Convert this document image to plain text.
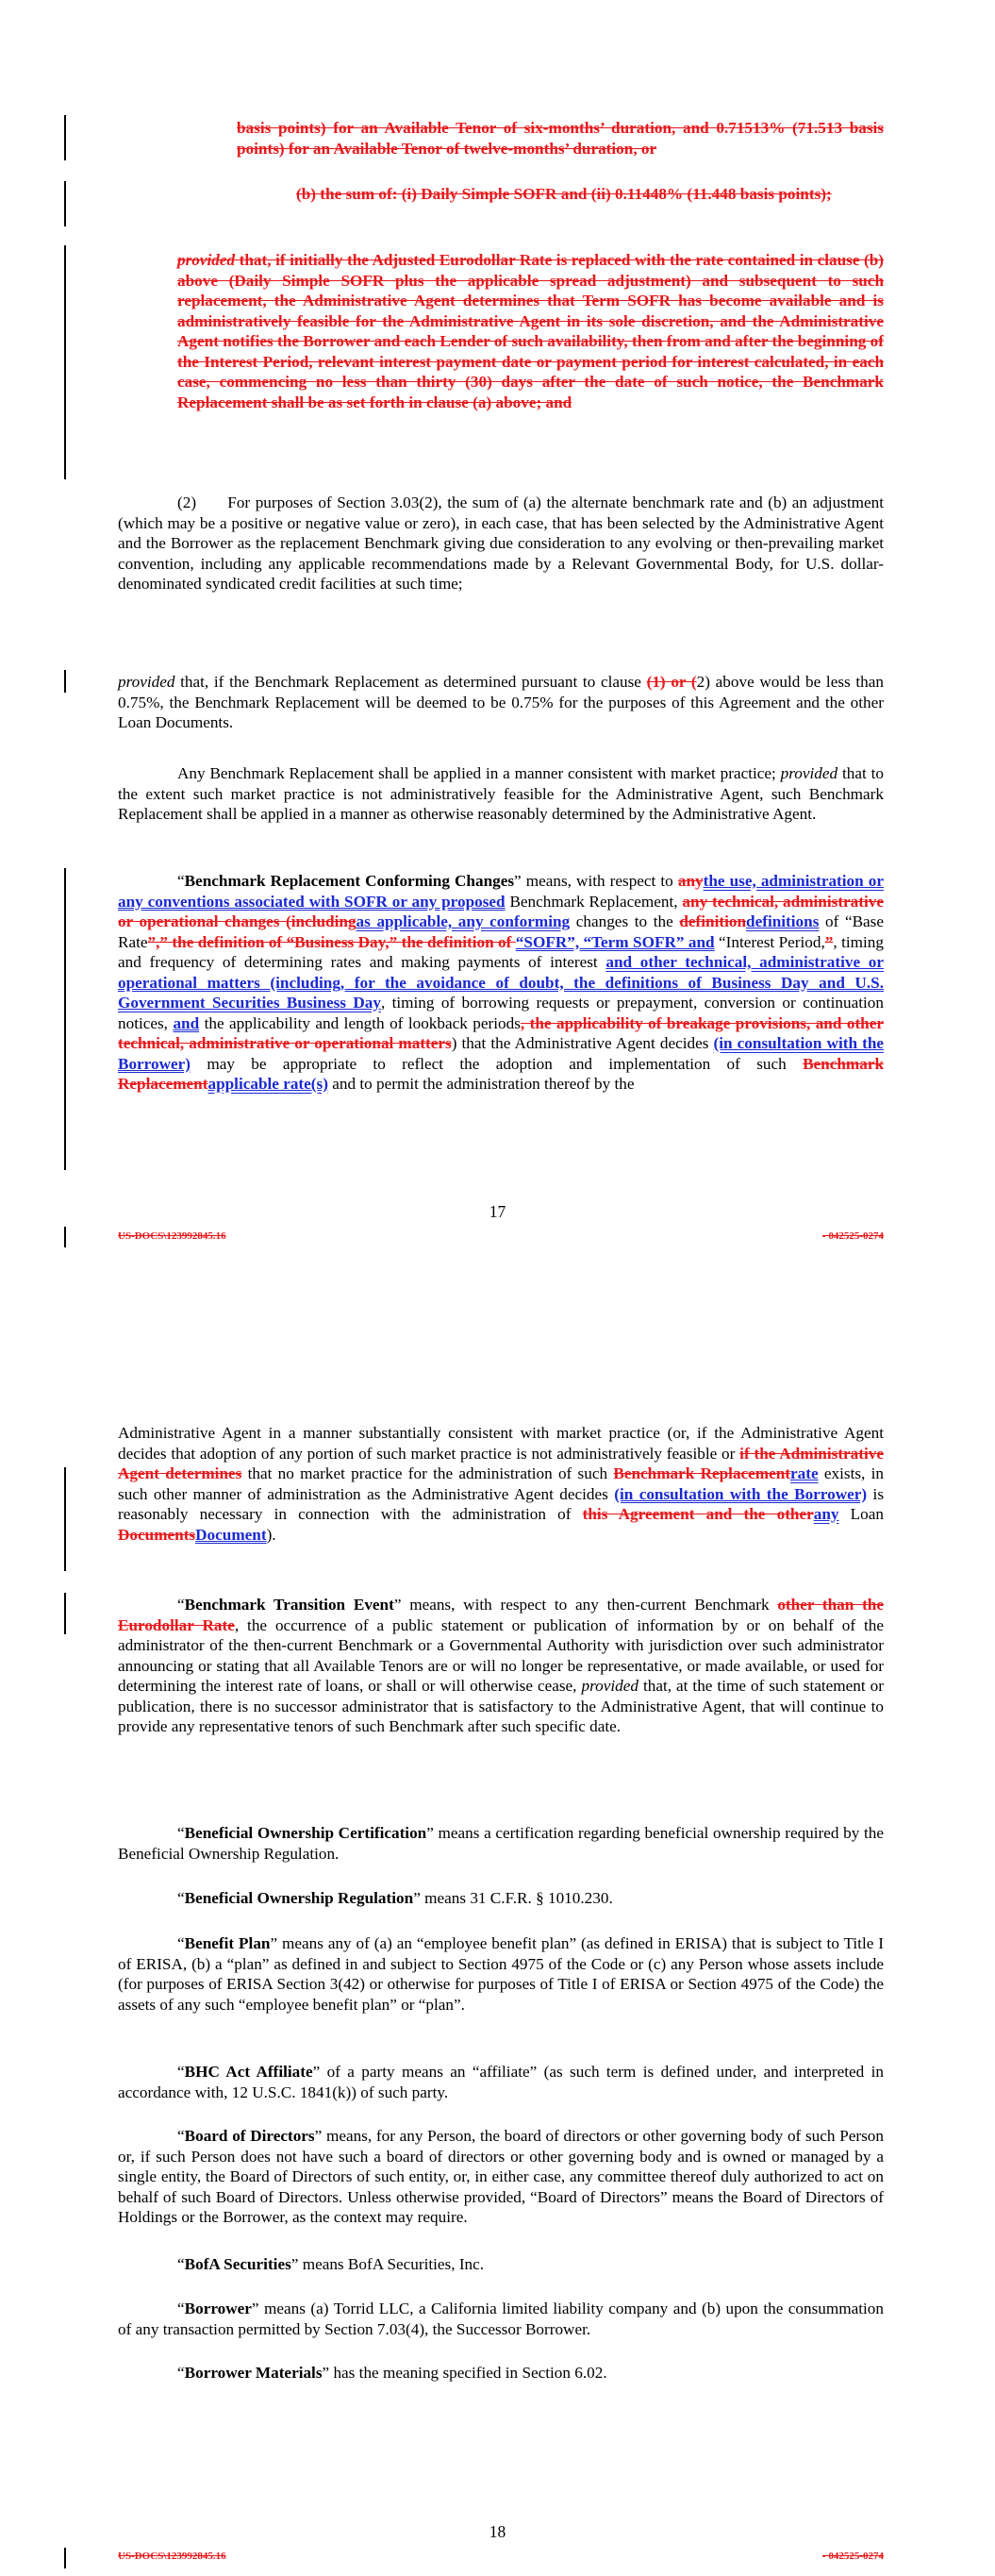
basis points) for an Available Tenor of six-months’ duration, and 0.71513% (71.513 basis points) for an Available Tenor of twelve-months’ duration, or

(b) the sum of: (i) Daily Simple SOFR and (ii) 0.11448% (11.448 basis points);

provided that, if initially the Adjusted Eurodollar Rate is replaced with the rate contained in clause (b) above (Daily Simple SOFR plus the applicable spread adjustment) and subsequent to such replacement, the Administrative Agent determines that Term SOFR has become available and is administratively feasible for the Administrative Agent in its sole discretion, and the Administrative Agent notifies the Borrower and each Lender of such availability, then from and after the beginning of the Interest Period, relevant interest payment date or payment period for interest calculated, in each case, commencing no less than thirty (30) days after the date of such notice, the Benchmark Replacement shall be as set forth in clause (a) above; and

(2)      For purposes of Section 3.03(2), the sum of (a) the alternate benchmark rate and (b) an adjustment (which may be a positive or negative value or zero), in each case, that has been selected by the Administrative Agent and the Borrower as the replacement Benchmark giving due consideration to any evolving or then-prevailing market convention, including any applicable recommendations made by a Relevant Governmental Body, for U.S. dollar-denominated syndicated credit facilities at such time;

provided that, if the Benchmark Replacement as determined pursuant to clause (1) or (2) above would be less than 0.75%, the Benchmark Replacement will be deemed to be 0.75% for the purposes of this Agreement and the other Loan Documents.

Any Benchmark Replacement shall be applied in a manner consistent with market practice; provided that to the extent such market practice is not administratively feasible for the Administrative Agent, such Benchmark Replacement shall be applied in a manner as otherwise reasonably determined by the Administrative Agent.

“Benchmark Replacement Conforming Changes” means, with respect to anythe use, administration or any conventions associated with SOFR or any proposed Benchmark Replacement, any technical, administrative or operational changes (includingas applicable, any conforming changes to the definitiondefinitions of “Base Rate”,” the definition of “Business Day,” the definition of “SOFR”, “Term SOFR” and “Interest Period,”, timing and frequency of determining rates and making payments of interest and other technical, administrative or operational matters (including, for the avoidance of doubt, the definitions of Business Day and U.S. Government Securities Business Day, timing of borrowing requests or prepayment, conversion or continuation notices, and the applicability and length of lookback periods, the applicability of breakage provisions, and other technical, administrative or operational matters) that the Administrative Agent decides (in consultation with the Borrower) may be appropriate to reflect the adoption and implementation of such Benchmark Replacementapplicable rate(s) and to permit the administration thereof by the

17
US-DOCS\123992845.16	- 042525-0274

Administrative Agent in a manner substantially consistent with market practice (or, if the Administrative Agent decides that adoption of any portion of such market practice is not administratively feasible or if the Administrative Agent determines that no market practice for the administration of such Benchmark Replacementrate exists, in such other manner of administration as the Administrative Agent decides (in consultation with the Borrower) is reasonably necessary in connection with the administration of this Agreement and the otherany Loan DocumentsDocument).

“Benchmark Transition Event” means, with respect to any then-current Benchmark other than the Eurodollar Rate, the occurrence of a public statement or publication of information by or on behalf of the administrator of the then-current Benchmark or a Governmental Authority with jurisdiction over such administrator announcing or stating that all Available Tenors are or will no longer be representative, or made available, or used for determining the interest rate of loans, or shall or will otherwise cease, provided that, at the time of such statement or publication, there is no successor administrator that is satisfactory to the Administrative Agent, that will continue to provide any representative tenors of such Benchmark after such specific date.

“Beneficial Ownership Certification” means a certification regarding beneficial ownership required by the Beneficial Ownership Regulation.

“Beneficial Ownership Regulation” means 31 C.F.R. § 1010.230.

“Benefit Plan” means any of (a) an “employee benefit plan” (as defined in ERISA) that is subject to Title I of ERISA, (b) a “plan” as defined in and subject to Section 4975 of the Code or (c) any Person whose assets include (for purposes of ERISA Section 3(42) or otherwise for purposes of Title I of ERISA or Section 4975 of the Code) the assets of any such “employee benefit plan” or “plan”.

“BHC Act Affiliate” of a party means an “affiliate” (as such term is defined under, and interpreted in accordance with, 12 U.S.C. 1841(k)) of such party.

“Board of Directors” means, for any Person, the board of directors or other governing body of such Person or, if such Person does not have such a board of directors or other governing body and is owned or managed by a single entity, the Board of Directors of such entity, or, in either case, any committee thereof duly authorized to act on behalf of such Board of Directors. Unless otherwise provided, “Board of Directors” means the Board of Directors of Holdings or the Borrower, as the context may require.

“BofA Securities” means BofA Securities, Inc.

“Borrower” means (a) Torrid LLC, a California limited liability company and (b) upon the consummation of any transaction permitted by Section 7.03(4), the Successor Borrower.

“Borrower Materials” has the meaning specified in Section 6.02.

18
US-DOCS\123992845.16	- 042525-0274
